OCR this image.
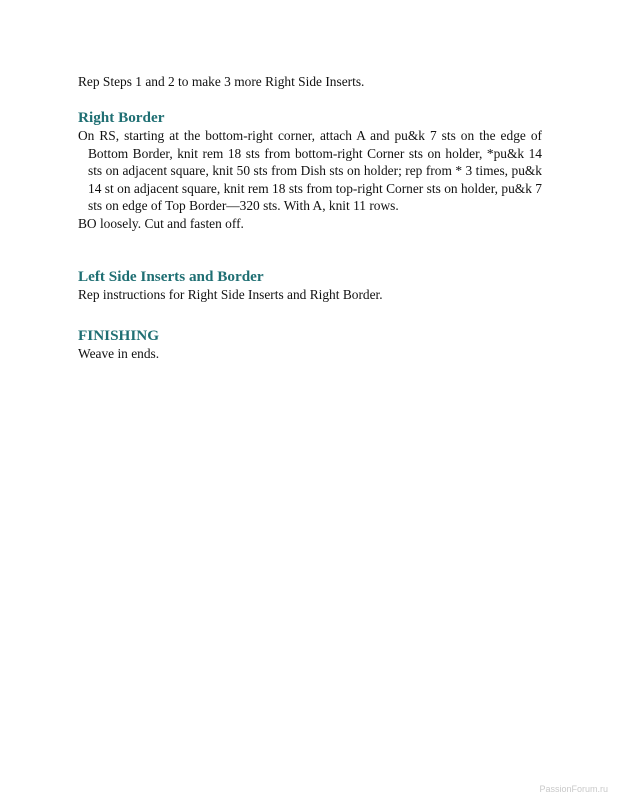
Rep Steps 1 and 2 to make 3 more Right Side Inserts.

Right Border

On RS, starting at the bottom-right corner, attach A and pu&k 7 sts on the edge of Bottom Border, knit rem 18 sts from bottom-right Corner sts on holder, *pu&k 14 sts on adjacent square, knit 50 sts from Dish sts on holder; rep from * 3 times, pu&k 14 st on adjacent square, knit rem 18 sts from top-right Corner sts on holder, pu&k 7 sts on edge of Top Border—320 sts. With A, knit 11 rows.

BO loosely. Cut and fasten off.

Left Side Inserts and Border

Rep instructions for Right Side Inserts and Right Border.

FINISHING

Weave in ends.

PassionForum.ru
